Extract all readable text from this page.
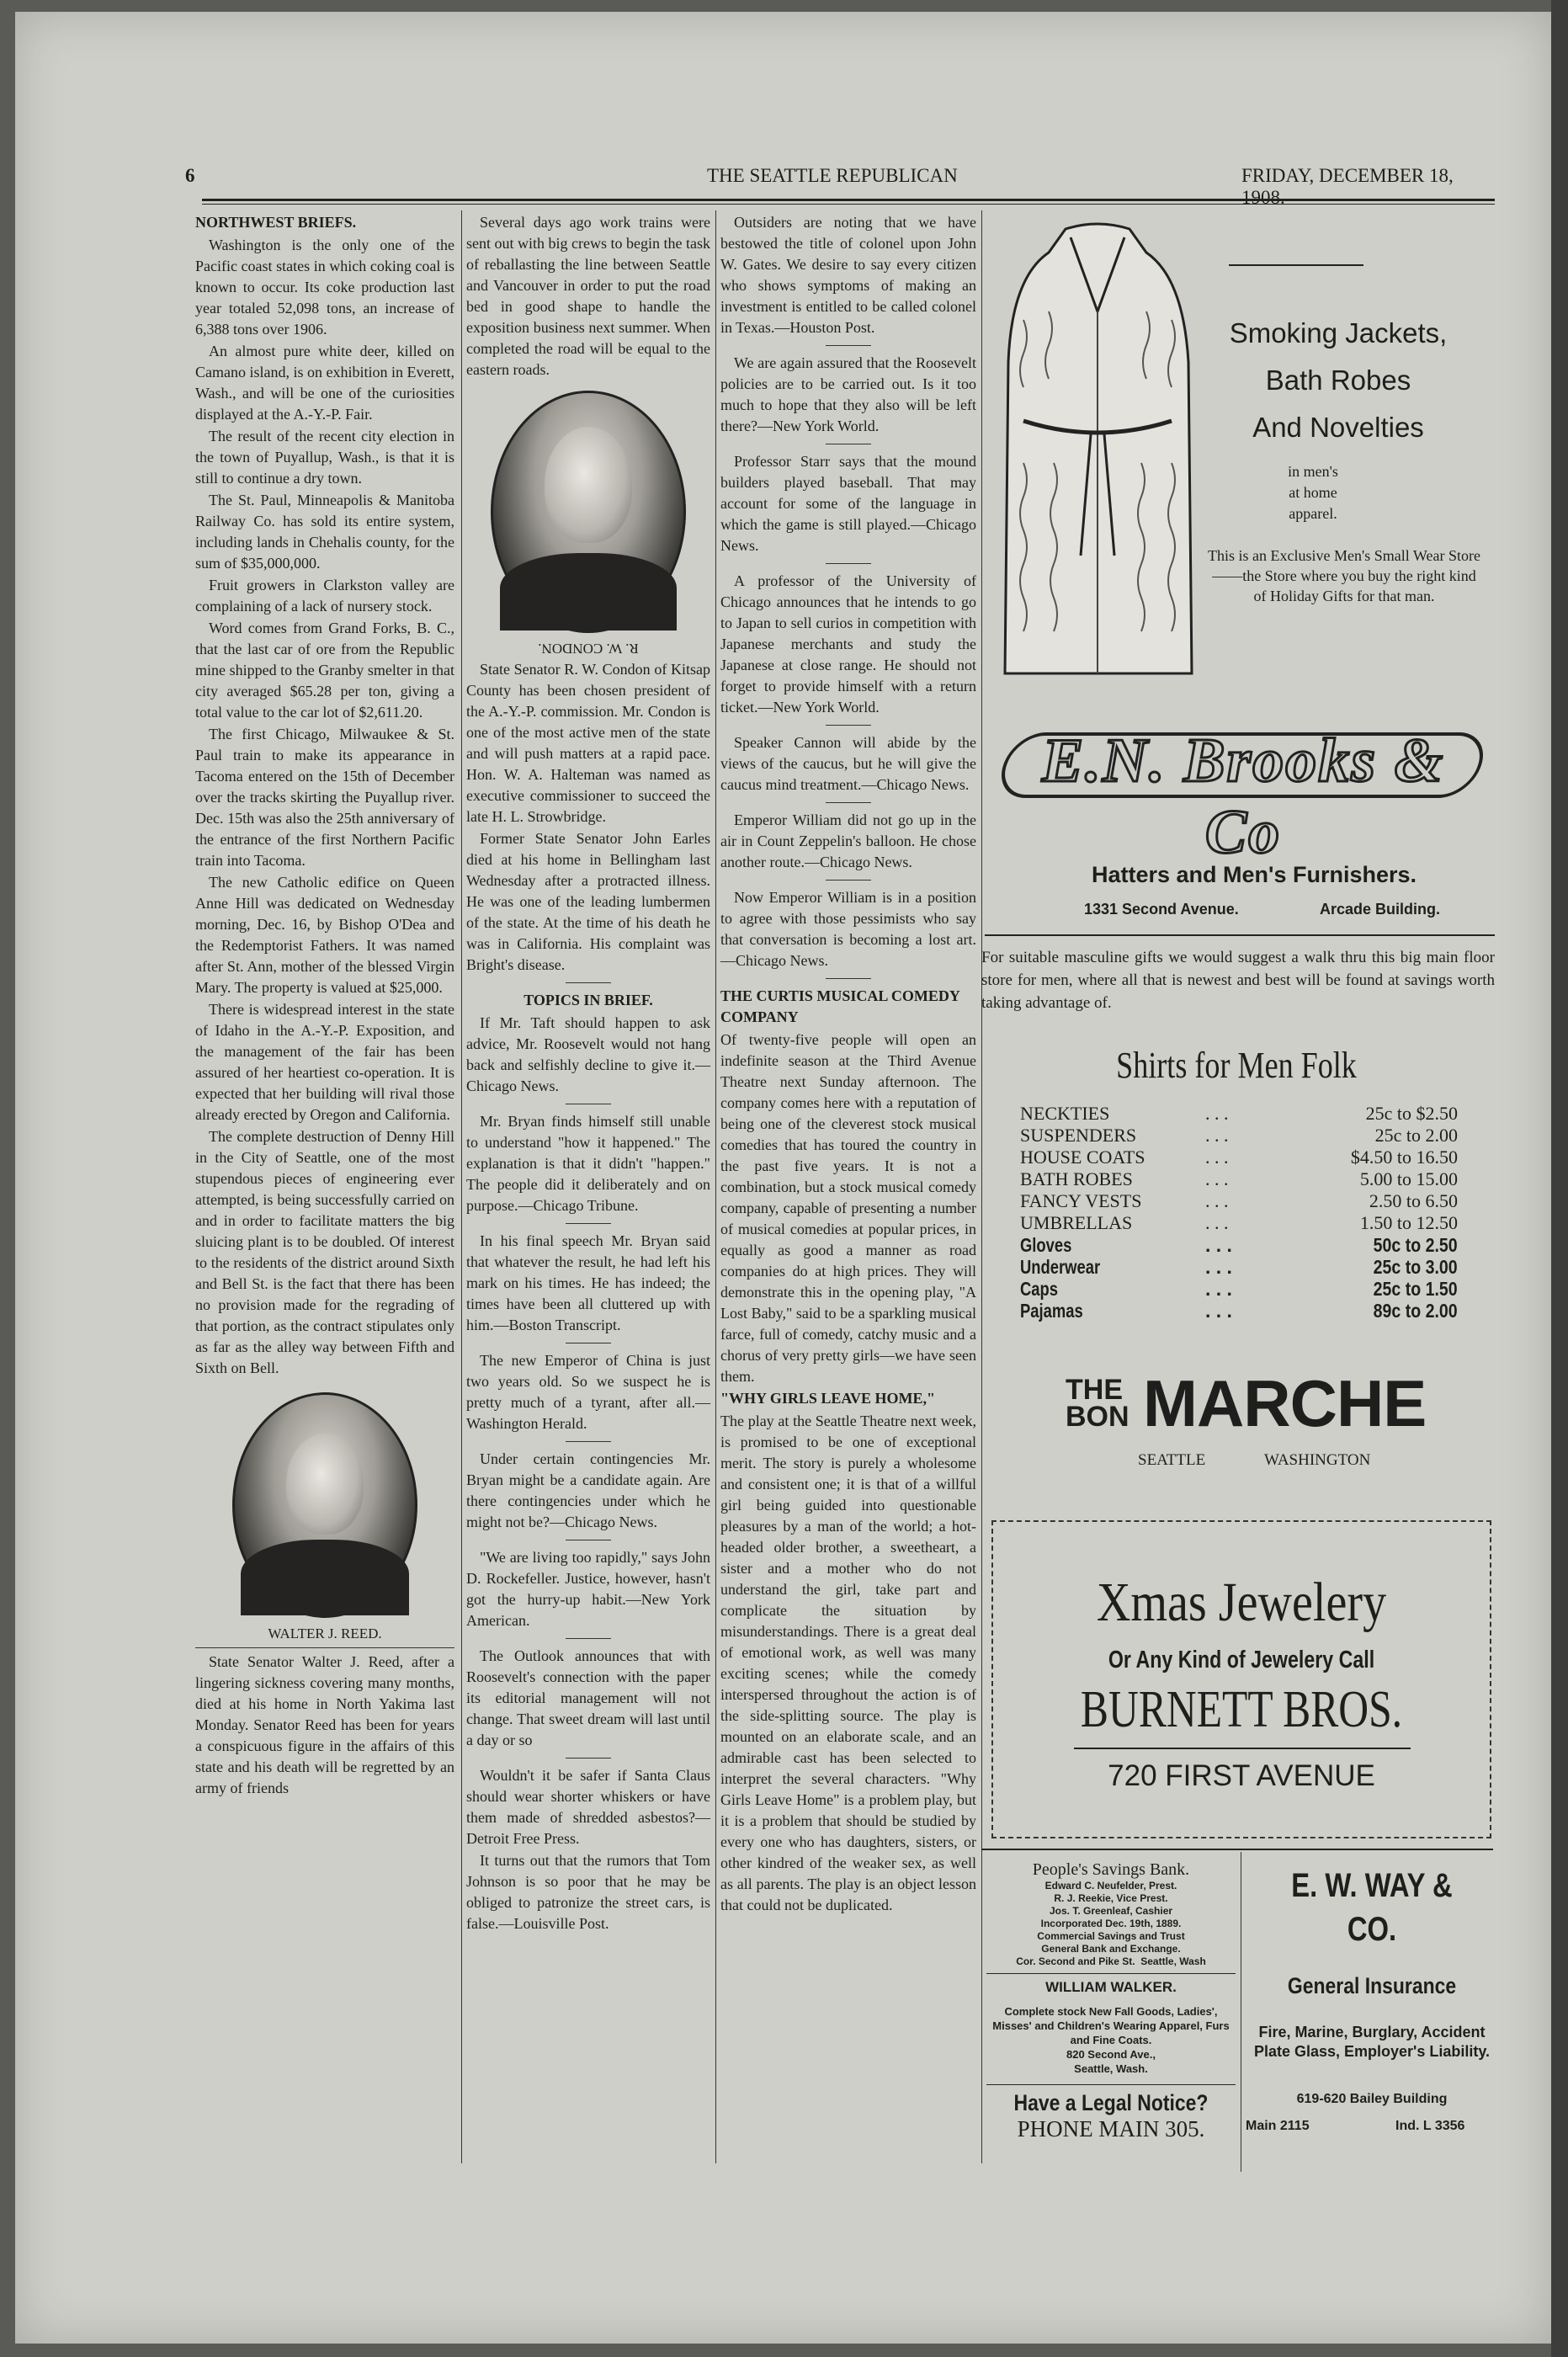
6	THE SEATTLE REPUBLICAN	FRIDAY, DECEMBER 18, 1908.

NORTHWEST BRIEFS.

Washington is the only one of the Pacific coast states in which coking coal is known to occur. Its coke production last year totaled 52,098 tons, an increase of 6,388 tons over 1906.

An almost pure white deer, killed on Camano island, is on exhibition in Everett, Wash., and will be one of the curiosities displayed at the A.-Y.-P. Fair.

The result of the recent city election in the town of Puyallup, Wash., is that it is still to continue a dry town.

The St. Paul, Minneapolis & Manitoba Railway Co. has sold its entire system, including lands in Chehalis county, for the sum of $35,000,000.

Fruit growers in Clarkston valley are complaining of a lack of nursery stock.

Word comes from Grand Forks, B. C., that the last car of ore from the Republic mine shipped to the Granby smelter in that city averaged $65.28 per ton, giving a total value to the car lot of $2,611.20.

The first Chicago, Milwaukee & St. Paul train to make its appearance in Tacoma entered on the 15th of December over the tracks skirting the Puyallup river. Dec. 15th was also the 25th anniversary of the entrance of the first Northern Pacific train into Tacoma.

The new Catholic edifice on Queen Anne Hill was dedicated on Wednesday morning, Dec. 16, by Bishop O'Dea and the Redemptorist Fathers. It was named after St. Ann, mother of the blessed Virgin Mary. The property is valued at $25,000.

There is widespread interest in the state of Idaho in the A.-Y.-P. Exposition, and the management of the fair has been assured of her heartiest co-operation. It is expected that her building will rival those already erected by Oregon and California.

The complete destruction of Denny Hill in the City of Seattle, one of the most stupendous pieces of engineering ever attempted, is being successfully carried on and in order to facilitate matters the big sluicing plant is to be doubled. Of interest to the residents of the district around Sixth and Bell St. is the fact that there has been no provision made for the regrading of that portion, as the contract stipulates only as far as the alley way between Fifth and Sixth on Bell.

WALTER J. REED.

State Senator Walter J. Reed, after a lingering sickness covering many months, died at his home in North Yakima last Monday. Senator Reed has been for years a conspicuous figure in the affairs of this state and his death will be regretted by an army of friends

Several days ago work trains were sent out with big crews to begin the task of reballasting the line between Seattle and Vancouver in order to put the road bed in good shape to handle the exposition business next summer. When completed the road will be equal to the eastern roads.

R. W. CONDON.

State Senator R. W. Condon of Kitsap County has been chosen president of the A.-Y.-P. commission. Mr. Condon is one of the most active men of the state and will push matters at a rapid pace. Hon. W. A. Halteman was named as executive commissioner to succeed the late H. L. Strowbridge.

Former State Senator John Earles died at his home in Bellingham last Wednesday after a protracted illness. He was one of the leading lumbermen of the state. At the time of his death he was in California. His complaint was Bright's disease.

TOPICS IN BRIEF.

If Mr. Taft should happen to ask advice, Mr. Roosevelt would not hang back and selfishly decline to give it.—Chicago News.

Mr. Bryan finds himself still unable to understand "how it happened." The explanation is that it didn't "happen." The people did it deliberately and on purpose.—Chicago Tribune.

In his final speech Mr. Bryan said that whatever the result, he had left his mark on his times. He has indeed; the times have been all cluttered up with him.—Boston Transcript.

The new Emperor of China is just two years old. So we suspect he is pretty much of a tyrant, after all.—Washington Herald.

Under certain contingencies Mr. Bryan might be a candidate again. Are there contingencies under which he might not be?—Chicago News.

"We are living too rapidly," says John D. Rockefeller. Justice, however, hasn't got the hurry-up habit.—New York American.

The Outlook announces that with Roosevelt's connection with the paper its editorial management will not change. That sweet dream will last until a day or so

Wouldn't it be safer if Santa Claus should wear shorter whiskers or have them made of shredded asbestos?—Detroit Free Press.

It turns out that the rumors that Tom Johnson is so poor that he may be obliged to patronize the street cars, is false.—Louisville Post.

Outsiders are noting that we have bestowed the title of colonel upon John W. Gates. We desire to say every citizen who shows symptoms of making an investment is entitled to be called colonel in Texas.—Houston Post.

We are again assured that the Roosevelt policies are to be carried out. Is it too much to hope that they also will be left there?—New York World.

Professor Starr says that the mound builders played baseball. That may account for some of the language in which the game is still played.—Chicago News.

A professor of the University of Chicago announces that he intends to go to Japan to sell curios in competition with Japanese merchants and study the Japanese at close range. He should not forget to provide himself with a return ticket.—New York World.

Speaker Cannon will abide by the views of the caucus, but he will give the caucus mind treatment.—Chicago News.

Emperor William did not go up in the air in Count Zeppelin's balloon. He chose another route.—Chicago News.

Now Emperor William is in a position to agree with those pessimists who say that conversation is becoming a lost art.—Chicago News.

THE CURTIS MUSICAL COMEDY COMPANY

Of twenty-five people will open an indefinite season at the Third Avenue Theatre next Sunday afternoon. The company comes here with a reputation of being one of the cleverest stock musical comedies that has toured the country in the past five years. It is not a combination, but a stock musical comedy company, capable of presenting a number of musical comedies at popular prices, in equally as good a manner as road companies do at high prices. They will demonstrate this in the opening play, "A Lost Baby," said to be a sparkling musical farce, full of comedy, catchy music and a chorus of very pretty girls—we have seen them.

"WHY GIRLS LEAVE HOME,"

The play at the Seattle Theatre next week, is promised to be one of exceptional merit. The story is purely a wholesome and consistent one; it is that of a willful girl being guided into questionable pleasures by a man of the world; a hot-headed older brother, a sweetheart, a sister and a mother who do not understand the girl, take part and complicate the situation by misunderstandings. There is a great deal of emotional work, as well was many exciting scenes; while the comedy interspersed throughout the action is of the side-splitting source. The play is mounted on an elaborate scale, and an admirable cast has been selected to interpret the several characters. "Why Girls Leave Home" is a problem play, but it is a problem that should be studied by every one who has daughters, sisters, or other kindred of the weaker sex, as well as all parents. The play is an object lesson that could not be duplicated.

Smoking Jackets,
Bath Robes
And Novelties
in men's
at home
apparel.
This is an Exclusive Men's Small Wear Store——the Store where you buy the right kind of Holiday Gifts for that man.
E.N. Brooks & Co
Hatters and Men's Furnishers.
1331 Second Avenue.	Arcade Building.
For suitable masculine gifts we would suggest a walk thru this big main floor store for men, where all that is newest and best will be found at savings worth taking advantage of.
Shirts for Men Folk
NECKTIES	. . .	25c to $2.50
SUSPENDERS	. . .	25c to 2.00
HOUSE COATS	. . .	$4.50 to 16.50
BATH ROBES	. . .	5.00 to 15.00
FANCY VESTS	. . .	2.50 to 6.50
UMBRELLAS	. . .	1.50 to 12.50
Gloves	. . .	50c to 2.50
Underwear	. . .	25c to 3.00
Caps	. . .	25c to 1.50
Pajamas	. . .	89c to 2.00
THE
BON MARCHE
SEATTLE	WASHINGTON
Xmas Jewelery
Or Any Kind of Jewelery Call
BURNETT BROS.
720 FIRST AVENUE
People's Savings Bank.
Edward C. Neufelder, Prest.
R. J. Reekie, Vice Prest.
Jos. T. Greenleaf, Cashier
Incorporated Dec. 19th, 1889.
Commercial Savings and Trust
General Bank and Exchange.
Cor. Second and Pike St. Seattle, Wash
WILLIAM WALKER.
Complete stock New Fall Goods, Ladies', Misses' and Children's Wearing Apparel, Furs and Fine Coats.
820 Second Ave.,
Seattle, Wash.
Have a Legal Notice?
PHONE MAIN 305.
E. W. WAY & CO.
General Insurance
Fire, Marine, Burglary, Accident Plate Glass, Employer's Liability.
619-620 Bailey Building
Main 2115	Ind. L 3356
